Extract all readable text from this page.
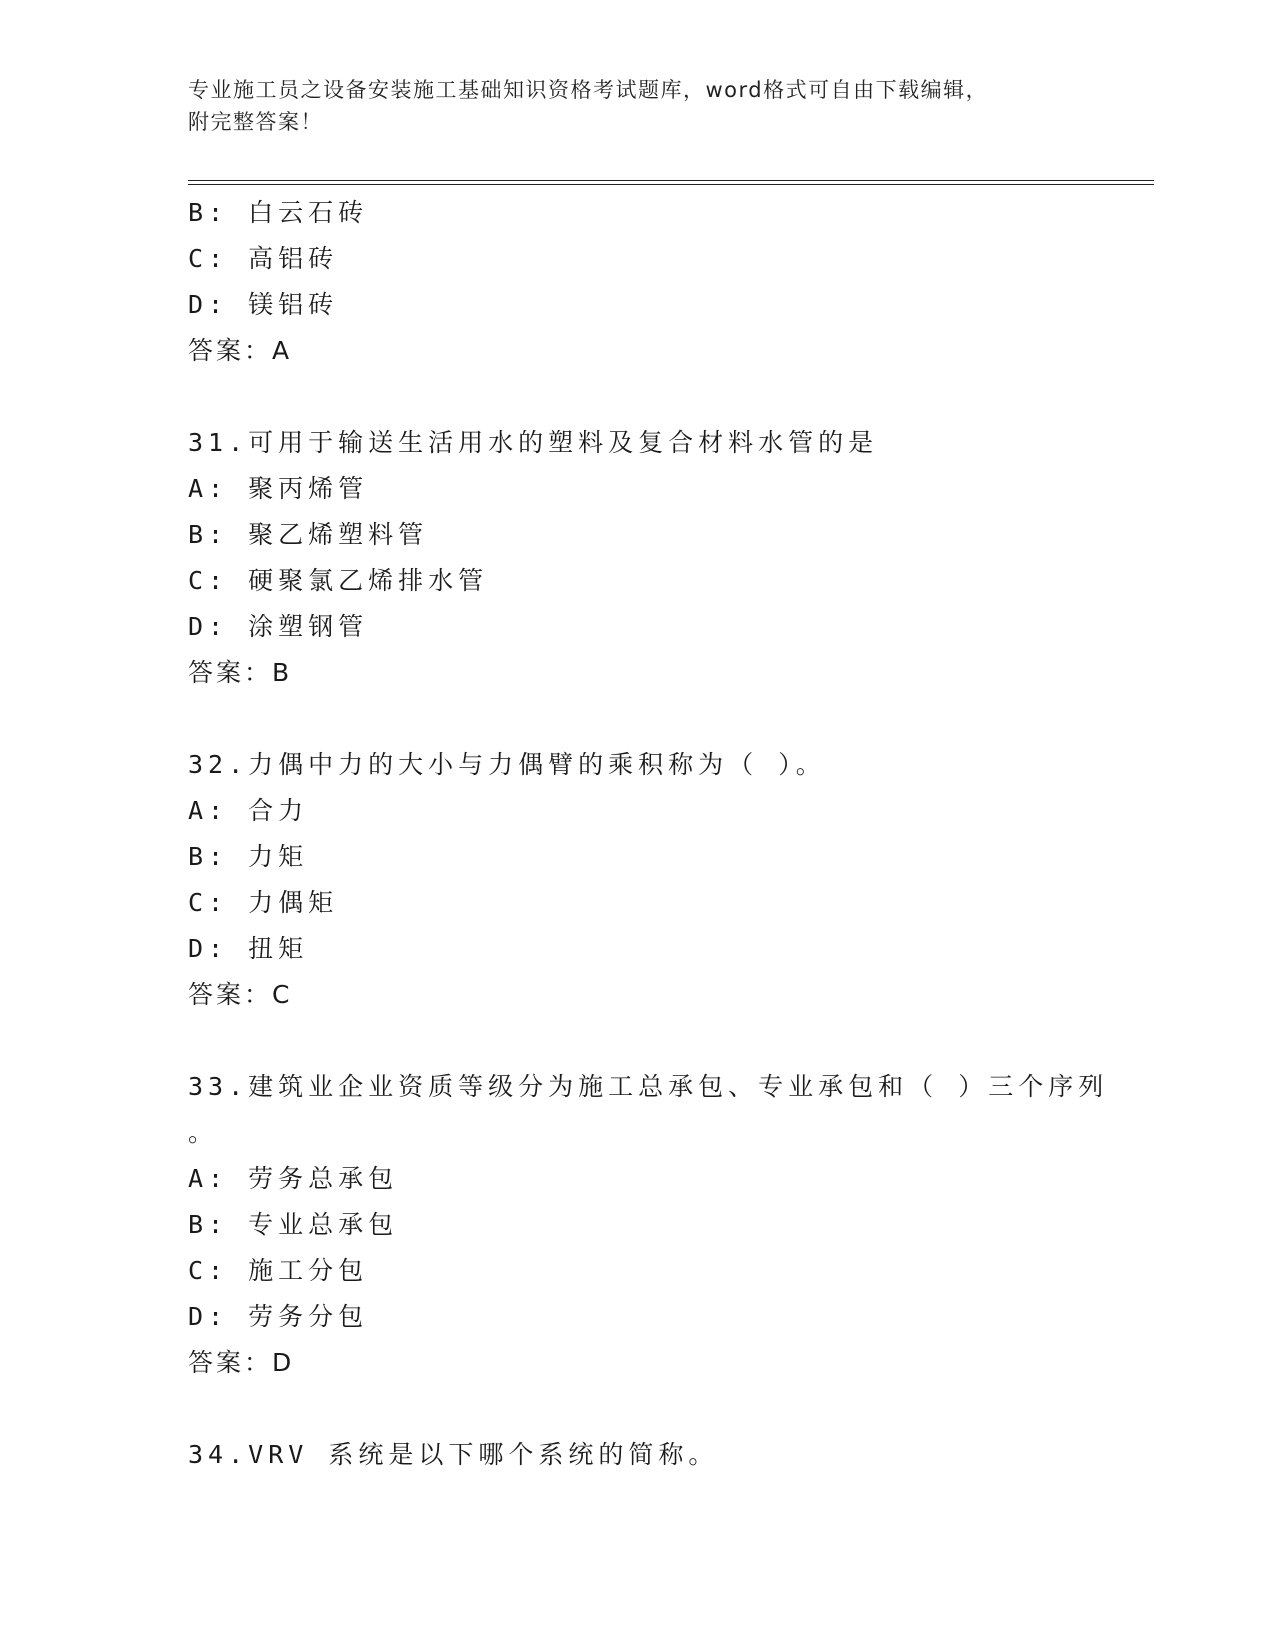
专业施工员之设备安装施工基础知识资格考试题库，word格式可自由下载编辑，
附完整答案！
B: 白云石砖
C: 高铝砖
D: 镁铝砖
答案：A
31.可用于输送生活用水的塑料及复合材料水管的是
A: 聚丙烯管
B: 聚乙烯塑料管
C: 硬聚氯乙烯排水管
D: 涂塑钢管
答案：B
32.力偶中力的大小与力偶臂的乘积称为（ ）。
A: 合力
B: 力矩
C: 力偶矩
D: 扭矩
答案：C
33.建筑业企业资质等级分为施工总承包、专业承包和（ ）三个序列
。
A: 劳务总承包
B: 专业总承包
C: 施工分包
D: 劳务分包
答案：D
34.VRV 系统是以下哪个系统的简称。
